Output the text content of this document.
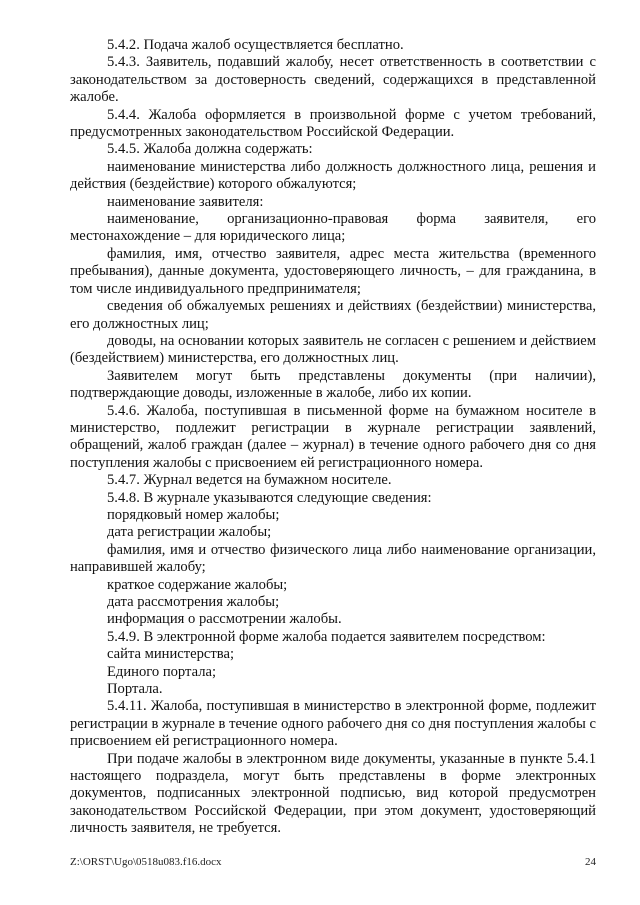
5.4.2. Подача жалоб осуществляется бесплатно.

5.4.3. Заявитель, подавший жалобу, несет ответственность в соответствии с законодательством за достоверность сведений, содержащихся в представленной жалобе.

5.4.4. Жалоба оформляется в произвольной форме с учетом требований, предусмотренных законодательством Российской Федерации.

5.4.5. Жалоба должна содержать:

наименование министерства либо должность должностного лица, решения и действия (бездействие) которого обжалуются;

наименование заявителя:

наименование, организационно-правовая форма заявителя, его местонахождение – для юридического лица;

фамилия, имя, отчество заявителя, адрес места жительства (временного пребывания), данные документа, удостоверяющего личность, – для гражданина, в том числе индивидуального предпринимателя;

сведения об обжалуемых решениях и действиях (бездействии) министерства, его должностных лиц;

доводы, на основании которых заявитель не согласен с решением и действием (бездействием) министерства, его должностных лиц.

Заявителем могут быть представлены документы (при наличии), подтверждающие доводы, изложенные в жалобе, либо их копии.

5.4.6. Жалоба, поступившая в письменной форме на бумажном носителе в министерство, подлежит регистрации в журнале регистрации заявлений, обращений, жалоб граждан (далее – журнал) в течение одного рабочего дня со дня поступления жалобы с присвоением ей регистрационного номера.

5.4.7. Журнал ведется на бумажном носителе.

5.4.8. В журнале указываются следующие сведения:

порядковый номер жалобы;

дата регистрации жалобы;

фамилия, имя и отчество физического лица либо наименование организации, направившей жалобу;

краткое содержание жалобы;

дата рассмотрения жалобы;

информация о рассмотрении жалобы.

5.4.9. В электронной форме жалоба подается заявителем посредством:

сайта министерства;

Единого портала;

Портала.

5.4.11. Жалоба, поступившая в министерство в электронной форме, подлежит регистрации в журнале в течение одного рабочего дня со дня поступления жалобы с присвоением ей регистрационного номера.

При подаче жалобы в электронном виде документы, указанные в пункте 5.4.1 настоящего подраздела, могут быть представлены в форме электронных документов, подписанных электронной подписью, вид которой предусмотрен законодательством Российской Федерации, при этом документ, удостоверяющий личность заявителя, не требуется.

Z:\ORST\Ugo\0518u083.f16.docx	24
